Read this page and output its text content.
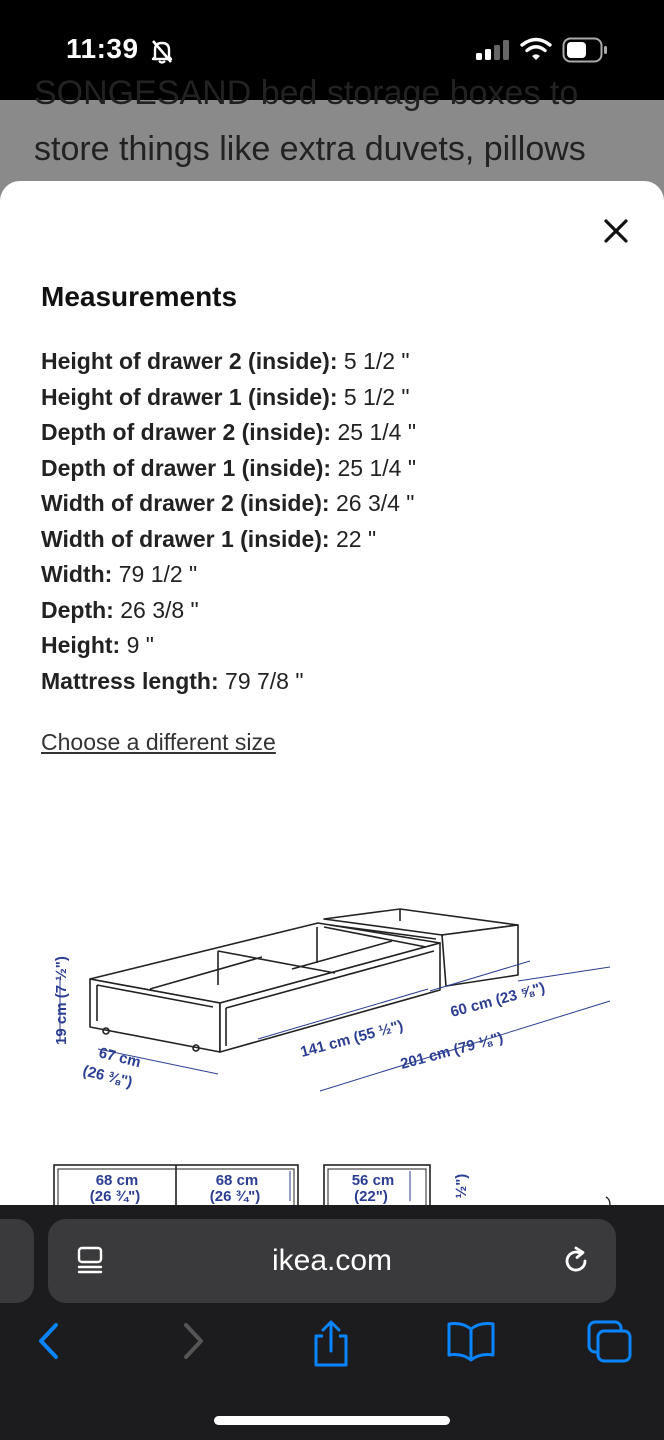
11:39
SONGESAND bed storage boxes to
store things like extra duvets, pillows
Measurements
Height of drawer 2 (inside): 5 1/2 "
Height of drawer 1 (inside): 5 1/2 "
Depth of drawer 2 (inside): 25 1/4 "
Depth of drawer 1 (inside): 25 1/4 "
Width of drawer 2 (inside): 26 3/4 "
Width of drawer 1 (inside): 22 "
Width: 79 1/2 "
Depth: 26 3/8 "
Height: 9 "
Mattress length: 79 7/8 "
Choose a different size
19 cm (7 ½")
67 cm
(26 ⅜")
141 cm (55 ½")
60 cm (23 ⅝")
201 cm (79 ⅛")
68 cm
(26 ¾")
68 cm
(26 ¾")
56 cm
(22")	½")
ikea.com
